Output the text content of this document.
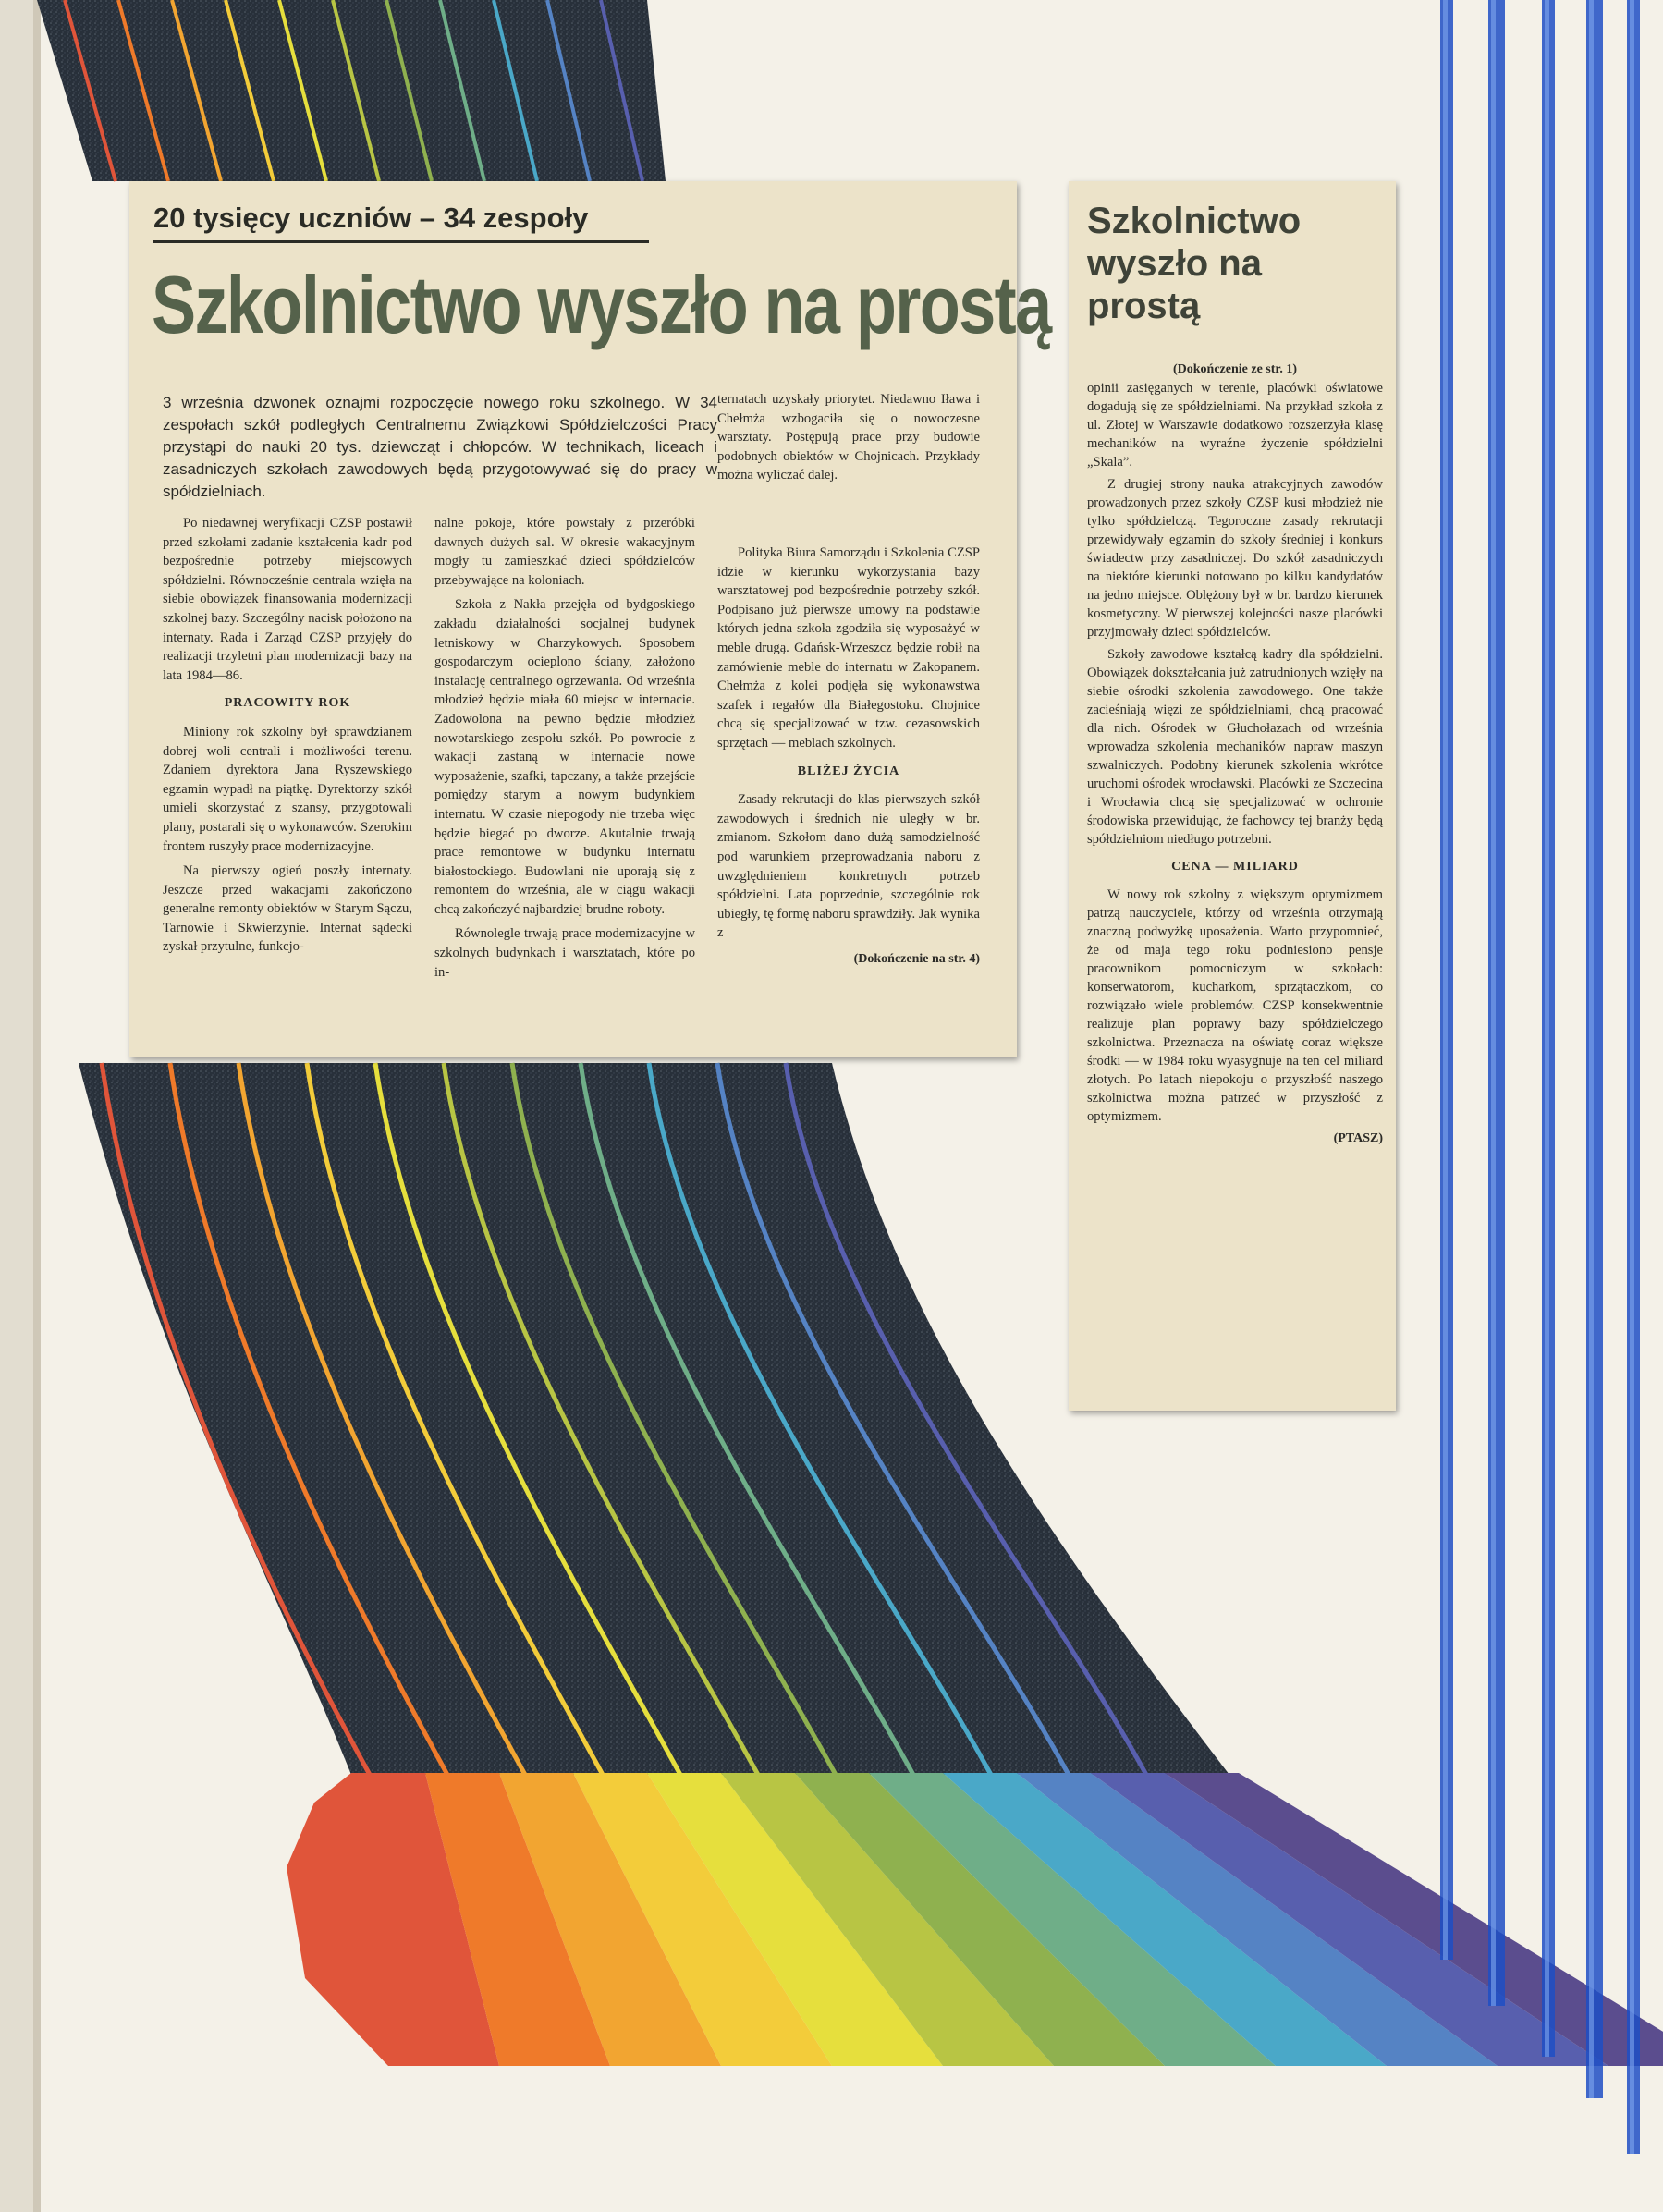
20 tysięcy uczniów – 34 zespoły
Szkolnictwo wyszło na prostą
3 września dzwonek oznajmi rozpoczęcie nowego roku szkolnego. W 34 zespołach szkół podległych Centralnemu Związkowi Spółdzielczości Pracy przystąpi do nauki 20 tys. dziewcząt i chłopców. W technikach, liceach i zasadniczych szkołach zawodowych będą przygotowywać się do pracy w spółdzielniach.

ternatach uzyskały priorytet. Niedawno Iława i Chełmża wzbogaciła się o nowoczesne warsztaty. Postępują prace przy budowie podobnych obiektów w Chojnicach. Przykłady można wyliczać dalej.

Po niedawnej weryfikacji CZSP postawił przed szkołami zadanie kształcenia kadr pod bezpośrednie potrzeby miejscowych spółdzielni. Równocześnie centrala wzięła na siebie obowiązek finansowania modernizacji szkolnej bazy. Szczególny nacisk położono na internaty. Rada i Zarząd CZSP przyjęły do realizacji trzyletni plan modernizacji bazy na lata 1984—86.

PRACOWITY ROK

Miniony rok szkolny był sprawdzianem dobrej woli centrali i możliwości terenu. Zdaniem dyrektora Jana Ryszewskiego egzamin wypadł na piątkę. Dyrektorzy szkół umieli skorzystać z szansy, przygotowali plany, postarali się o wykonawców. Szerokim frontem ruszyły prace modernizacyjne.

Na pierwszy ogień poszły internaty. Jeszcze przed wakacjami zakończono generalne remonty obiektów w Starym Sączu, Tarnowie i Skwierzynie. Internat sądecki zyskał przytulne, funkcjo-

nalne pokoje, które powstały z przeróbki dawnych dużych sal. W okresie wakacyjnym mogły tu zamieszkać dzieci spółdzielców przebywające na koloniach.

Szkoła z Nakła przejęła od bydgoskiego zakładu działalności socjalnej budynek letniskowy w Charzykowych. Sposobem gospodarczym ocieplono ściany, założono instalację centralnego ogrzewania. Od września młodzież będzie miała 60 miejsc w internacie. Zadowolona na pewno będzie młodzież nowotarskiego zespołu szkół. Po powrocie z wakacji zastaną w internacie nowe wyposażenie, szafki, tapczany, a także przejście pomiędzy starym a nowym budynkiem internatu. W czasie niepogody nie trzeba więc będzie biegać po dworze. Akutalnie trwają prace remontowe w budynku internatu białostockiego. Budowlani nie uporają się z remontem do września, ale w ciągu wakacji chcą zakończyć najbardziej brudne roboty.

Równolegle trwają prace modernizacyjne w szkolnych budynkach i warsztatach, które po in-

Polityka Biura Samorządu i Szkolenia CZSP idzie w kierunku wykorzystania bazy warsztatowej pod bezpośrednie potrzeby szkół. Podpisano już pierwsze umowy na podstawie których jedna szkoła zgodziła się wyposażyć w meble drugą. Gdańsk-Wrzeszcz będzie robił na zamówienie meble do internatu w Zakopanem. Chełmża z kolei podjęła się wykonawstwa szafek i regałów dla Białegostoku. Chojnice chcą się specjalizować w tzw. cezasowskich sprzętach — meblach szkolnych.

BLIŻEJ ŻYCIA

Zasady rekrutacji do klas pierwszych szkół zawodowych i średnich nie uległy w br. zmianom. Szkołom dano dużą samodzielność pod warunkiem przeprowadzania naboru z uwzględnieniem konkretnych potrzeb spółdzielni. Lata poprzednie, szczególnie rok ubiegły, tę formę naboru sprawdziły. Jak wynika z

(Dokończenie na str. 4)
Szkolnictwo wyszło na prostą
(Dokończenie ze str. 1)

opinii zasięganych w terenie, placówki oświatowe dogadują się ze spółdzielniami. Na przykład szkoła z ul. Złotej w Warszawie dodatkowo rozszerzyła klasę mechaników na wyraźne życzenie spółdzielni „Skala”.

Z drugiej strony nauka atrakcyjnych zawodów prowadzonych przez szkoły CZSP kusi młodzież nie tylko spółdzielczą. Tegoroczne zasady rekrutacji przewidywały egzamin do szkoły średniej i konkurs świadectw przy zasadniczej. Do szkół zasadniczych na niektóre kierunki notowano po kilku kandydatów na jedno miejsce. Oblężony był w br. bardzo kierunek kosmetyczny. W pierwszej kolejności nasze placówki przyjmowały dzieci spółdzielców.

Szkoły zawodowe kształcą kadry dla spółdzielni. Obowiązek dokształcania już zatrudnionych wzięły na siebie ośrodki szkolenia zawodowego. One także zacieśniają więzi ze spółdzielniami, chcą pracować dla nich. Ośrodek w Głuchołazach od września wprowadza szkolenia mechaników napraw maszyn szwalniczych. Podobny kierunek szkolenia wkrótce uruchomi ośrodek wrocławski. Placówki ze Szczecina i Wrocławia chcą się specjalizować w ochronie środowiska przewidując, że fachowcy tej branży będą spółdzielniom niedługo potrzebni.

CENA — MILIARD

W nowy rok szkolny z większym optymizmem patrzą nauczyciele, którzy od września otrzymają znaczną podwyżkę uposażenia. Warto przypomnieć, że od maja tego roku podniesiono pensje pracownikom pomocniczym w szkołach: konserwatorom, kucharkom, sprzątaczkom, co rozwiązało wiele problemów. CZSP konsekwentnie realizuje plan poprawy bazy spółdzielczego szkolnictwa. Przeznacza na oświatę coraz większe środki — w 1984 roku wyasygnuje na ten cel miliard złotych. Po latach niepokoju o przyszłość naszego szkolnictwa można patrzeć w przyszłość z optymizmem.

(PTASZ)
